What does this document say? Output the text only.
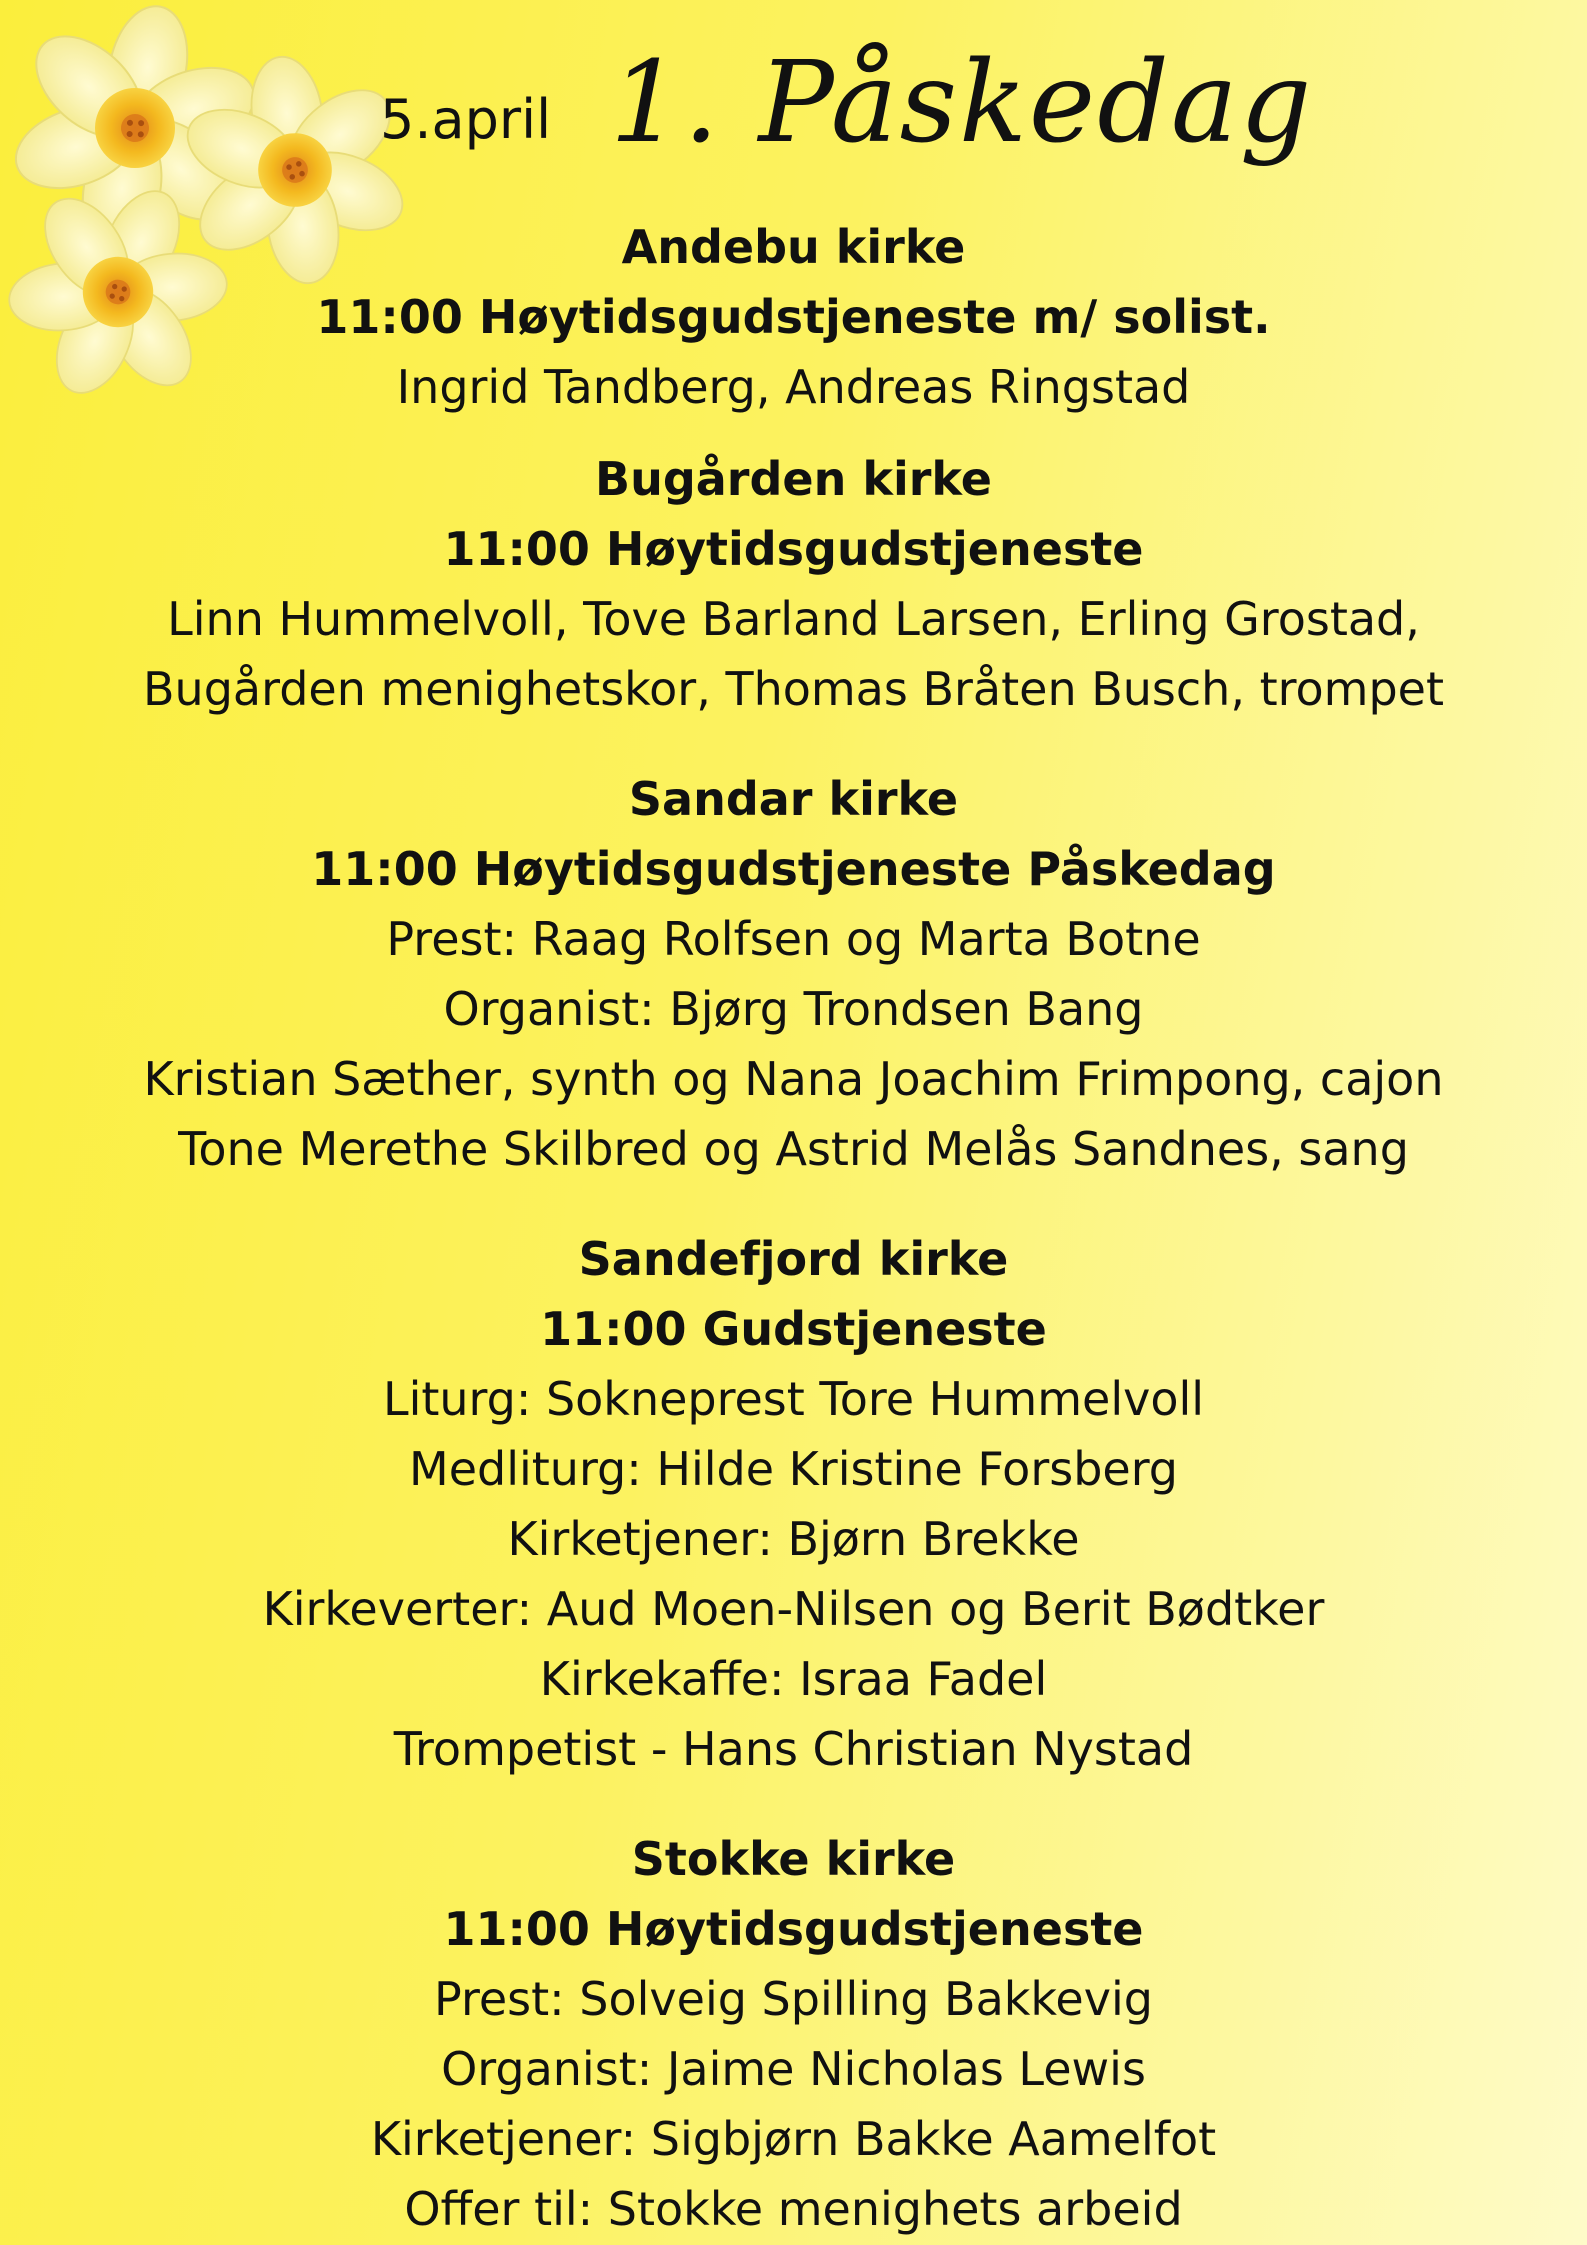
5.april 1. Påskedag
Andebu kirke
11:00 Høytidsgudstjeneste m/ solist.
Ingrid Tandberg, Andreas Ringstad
Bugården kirke
11:00 Høytidsgudstjeneste
Linn Hummelvoll, Tove Barland Larsen, Erling Grostad,
Bugården menighetskor, Thomas Bråten Busch, trompet
Sandar kirke
11:00 Høytidsgudstjeneste Påskedag
Prest: Raag Rolfsen og Marta Botne
Organist: Bjørg Trondsen Bang
Kristian Sæther, synth og Nana Joachim Frimpong, cajon
Tone Merethe Skilbred og Astrid Melås Sandnes, sang
Sandefjord kirke
11:00 Gudstjeneste
Liturg: Sokneprest Tore Hummelvoll
Medliturg: Hilde Kristine Forsberg
Kirketjener: Bjørn Brekke
Kirkeverter: Aud Moen-Nilsen og Berit Bødtker
Kirkekaffe: Israa Fadel
Trompetist - Hans Christian Nystad
Stokke kirke
11:00 Høytidsgudstjeneste
Prest: Solveig Spilling Bakkevig
Organist: Jaime Nicholas Lewis
Kirketjener: Sigbjørn Bakke Aamelfot
Offer til: Stokke menighets arbeid
